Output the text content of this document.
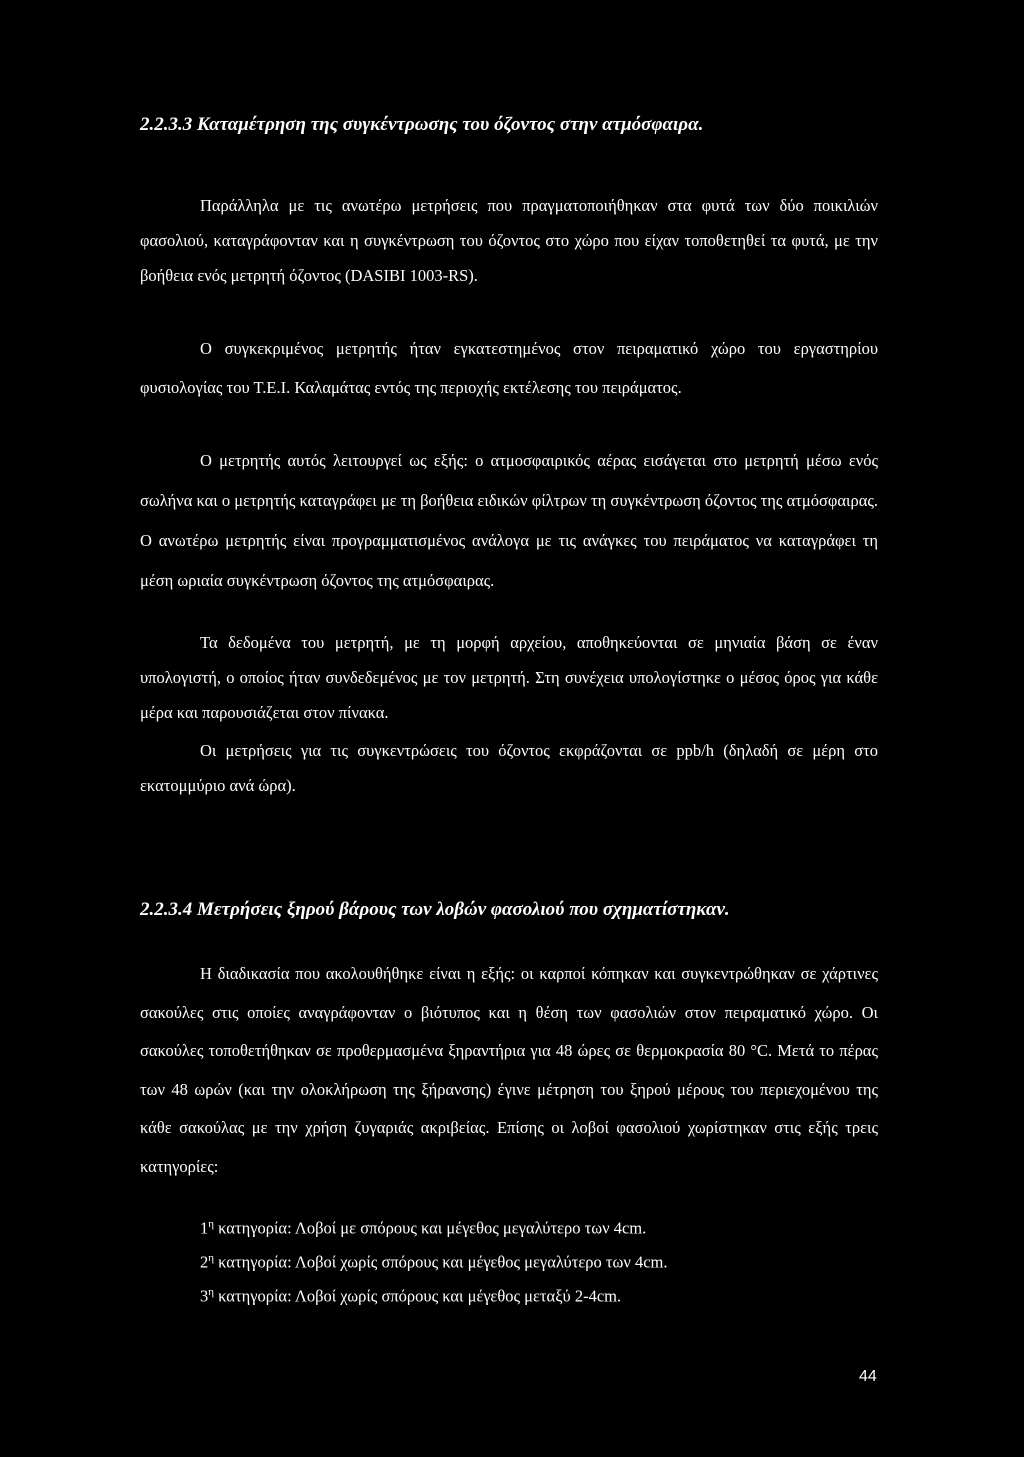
2.2.3.3 Καταμέτρηση της συγκέντρωσης του όζοντος στην ατμόσφαιρα.

Παράλληλα με τις ανωτέρω μετρήσεις που πραγματοποιήθηκαν στα φυτά των δύο ποικιλιών φασολιού, καταγράφονταν και η συγκέντρωση του όζοντος στο χώρο που είχαν τοποθετηθεί τα φυτά, με την βοήθεια ενός μετρητή όζοντος (DASIBI 1003-RS).

Ο συγκεκριμένος μετρητής ήταν εγκατεστημένος στον πειραματικό χώρο του εργαστηρίου φυσιολογίας του Τ.Ε.Ι. Καλαμάτας εντός της περιοχής εκτέλεσης του πειράματος.

Ο μετρητής αυτός λειτουργεί ως εξής: ο ατμοσφαιρικός αέρας εισάγεται στο μετρητή μέσω ενός σωλήνα και ο μετρητής καταγράφει με τη βοήθεια ειδικών φίλτρων τη συγκέντρωση όζοντος της ατμόσφαιρας. Ο ανωτέρω μετρητής είναι προγραμματισμένος ανάλογα με τις ανάγκες του πειράματος να καταγράφει τη μέση ωριαία συγκέντρωση όζοντος της ατμόσφαιρας.

Τα δεδομένα του μετρητή, με τη μορφή αρχείου, αποθηκεύονται σε μηνιαία βάση σε έναν υπολογιστή, ο οποίος ήταν συνδεδεμένος με τον μετρητή. Στη συνέχεια υπολογίστηκε ο μέσος όρος για κάθε μέρα και παρουσιάζεται στον πίνακα.

Οι μετρήσεις για τις συγκεντρώσεις του όζοντος εκφράζονται σε ppb/h (δηλαδή σε μέρη στο εκατομμύριο ανά ώρα).

2.2.3.4 Μετρήσεις ξηρού βάρους των λοβών φασολιού που σχηματίστηκαν.

Η διαδικασία που ακολουθήθηκε είναι η εξής: οι καρποί κόπηκαν και συγκεντρώθηκαν σε χάρτινες σακούλες στις οποίες αναγράφονταν ο βιότυπος και η θέση των φασολιών στον πειραματικό χώρο. Οι σακούλες τοποθετήθηκαν σε προθερμασμένα ξηραντήρια για 48 ώρες σε θερμοκρασία 80 °C. Μετά το πέρας των 48 ωρών (και την ολοκλήρωση της ξήρανσης) έγινε μέτρηση του ξηρού μέρους του περιεχομένου της κάθε σακούλας με την χρήση ζυγαριάς ακριβείας. Επίσης οι λοβοί φασολιού χωρίστηκαν στις εξής τρεις κατηγορίες:

$1^\eta$ κατηγορία: Λοβοί με σπόρους και μέγεθος μεγαλύτερο των 4cm.

$2^\eta$ κατηγορία: Λοβοί χωρίς σπόρους και μέγεθος μεγαλύτερο των 4cm.

$3^\eta$ κατηγορία: Λοβοί χωρίς σπόρους και μέγεθος μεταξύ 2-4cm.

44
